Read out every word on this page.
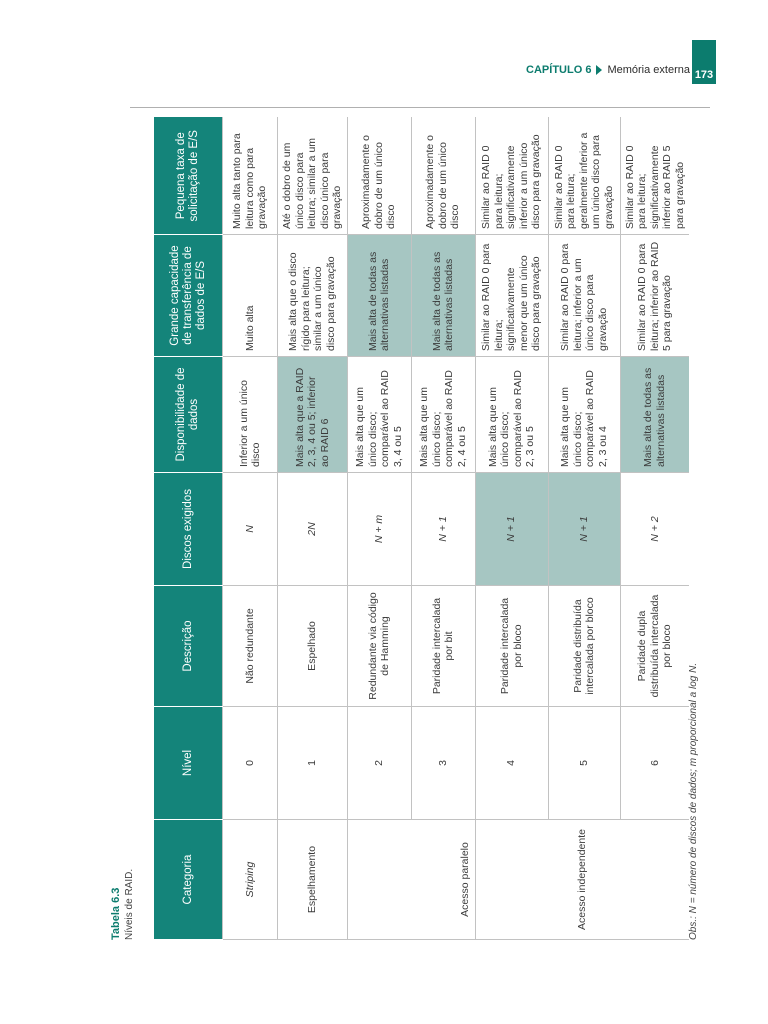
CAPÍTULO 6 Memória externa 173
Tabela 6.3 Níveis de RAID.	Categoria	Nível	Descrição	Discos exigidos	Disponibilidade de dados	Grande capacidade de transferência de dados de E/S	Pequena taxa de solicitação de E/S
Striping	0	Não redundante	N	Inferior a um único disco	Muito alta	Muito alta tanto para leitura como para gravação
Espelhamento	1	Espelhado	2N	Mais alta que a RAID 2, 3, 4 ou 5; inferior ao RAID 6	Mais alta que o disco rígido para leitura; similar a um único disco para gravação	Até o dobro de um único disco para leitura; similar a um disco único para gravação
Acesso paralelo	2	Redundante via código de Hamming	N + m	Mais alta que um único disco; comparável ao RAID 3, 4 ou 5	Mais alta de todas as alternativas listadas	Aproximadamente o dobro de um único disco
	3	Paridade intercalada por bit	N + 1	Mais alta que um único disco; comparável ao RAID 2, 4 ou 5	Mais alta de todas as alternativas listadas	Aproximadamente o dobro de um único disco
Acesso independente	4	Paridade intercalada por bloco	N + 1	Mais alta que um único disco; comparável ao RAID 2, 3 ou 5	Similar ao RAID 0 para leitura; significativamente menor que um único disco para gravação	Similar ao RAID 0 para leitura; significativamente inferior a um único disco para gravação
	5	Paridade distribuída intercalada por bloco	N + 1	Mais alta que um único disco; comparável ao RAID 2, 3 ou 4	Similar ao RAID 0 para leitura; inferior a um único disco para gravação	Similar ao RAID 0 para leitura; geralmente inferior a um único disco para gravação
	6	Paridade dupla distribuída intercalada por bloco	N + 2	Mais alta de todas as alternativas listadas	Similar ao RAID 0 para leitura; inferior ao RAID 5 para gravação	Similar ao RAID 0 para leitura; significativamente inferior ao RAID 5 para gravação
Obs.: N = número de discos de dados; m proporcional a log N.
